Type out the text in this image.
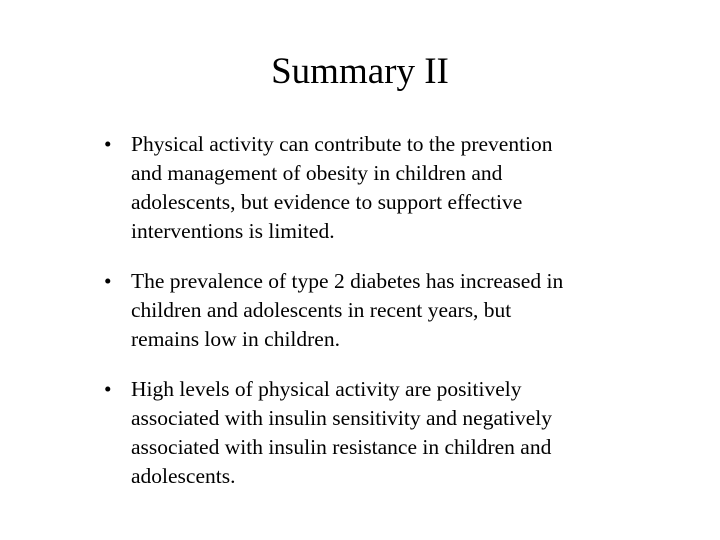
Summary II
• Physical activity can contribute to the prevention
and management of obesity in children and
adolescents, but evidence to support effective
interventions is limited.
• The prevalence of type 2 diabetes has increased in
children and adolescents in recent years, but
remains low in children.
• High levels of physical activity are positively
associated with insulin sensitivity and negatively
associated with insulin resistance in children and
adolescents.
